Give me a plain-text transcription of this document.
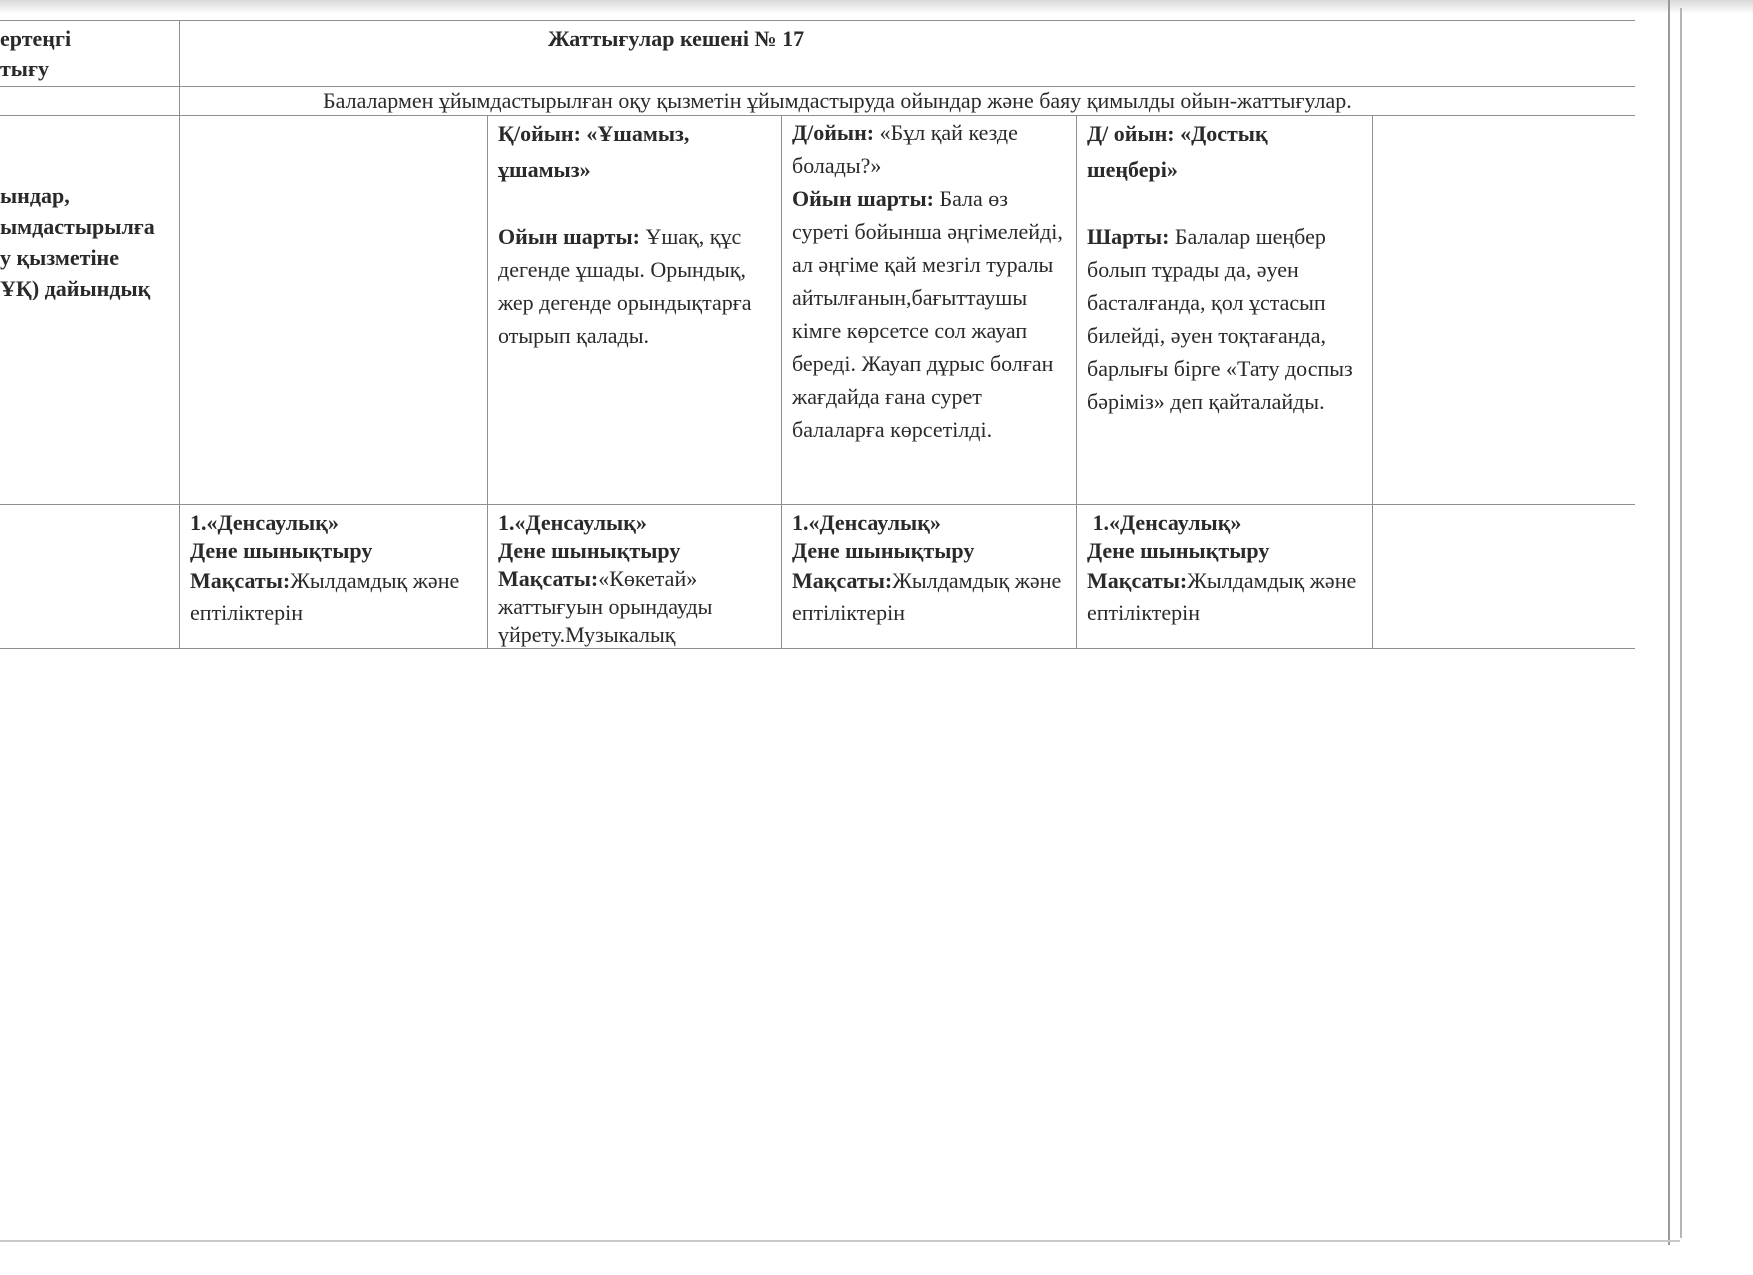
ертеңгі
тығу
Жаттығулар кешені № 17
Балалармен ұйымдастырылған оқу қызметін ұйымдастыруда ойындар және баяу қимылды ойын-жаттығулар.
ындар,
ымдастырылға
у қызметіне
ҰҚ) дайындық
Қ/ойын: «Ұшамыз,
ұшамыз»
Ойын шарты: Ұшақ, құс дегенде ұшады. Орындық, жер дегенде орындықтарға отырып қалады.
Д/ойын: «Бұл қай кезде болады?»
Ойын шарты: Бала өз суреті бойынша әңгімелейді, ал әңгіме қай мезгіл туралы айтылғанын,бағыттаушы кімге көрсетсе сол жауап береді. Жауап дұрыс болған жағдайда ғана сурет балаларға көрсетілді.
Д/ ойын: «Достық
шеңбері»
Шарты: Балалар шеңбер болып тұрады да, әуен басталғанда, қол ұстасып билейді, әуен тоқтағанда, барлығы бірге «Тату доспыз бәріміз» деп қайталайды.
1.«Денсаулық»
Дене шынықтыру
Мақсаты:Жылдамдық және ептіліктерін
1.«Денсаулық»
Дене шынықтыру
Мақсаты:«Көкетай» жаттығуын орындауды үйрету.Музыкалық
1.«Денсаулық»
Дене шынықтыру
Мақсаты:Жылдамдық және ептіліктерін
1.«Денсаулық»
Дене шынықтыру
Мақсаты:Жылдамдық және ептіліктерін
